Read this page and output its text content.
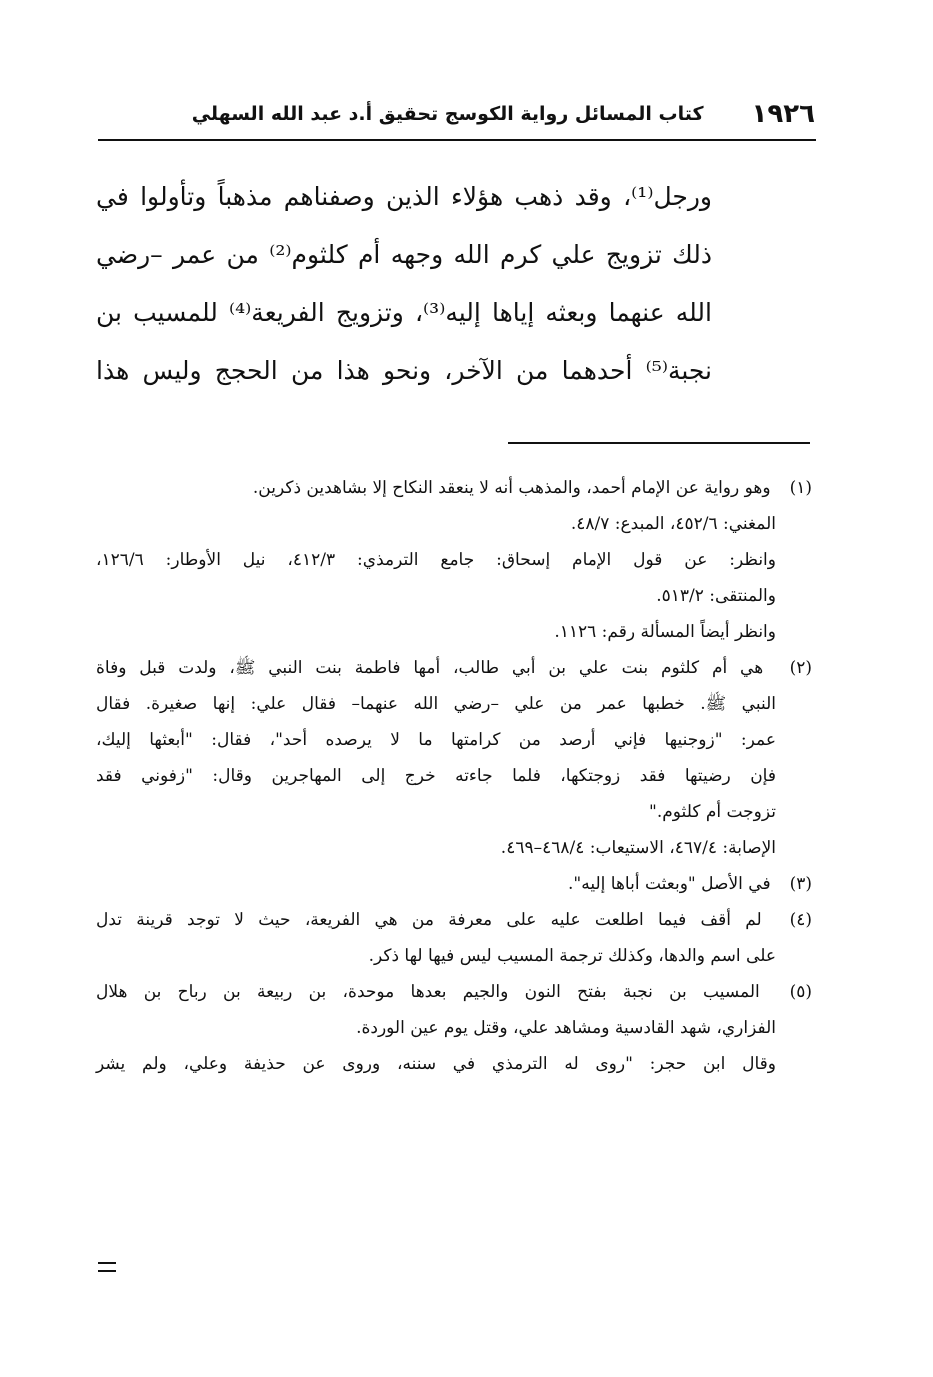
١٩٢٦
كتاب المسائل رواية الكوسج تحقيق أ.د عبد الله السهلي
ورجل⁽¹⁾، وقد ذهب هؤلاء الذين وصفناهم مذهباً وتأولوا في
ذلك تزويج علي كرم الله وجهه أم كلثوم⁽²⁾ من عمر –رضي
الله عنهما وبعثه إياها إليه⁽³⁾، وتزويج الفريعة⁽⁴⁾ للمسيب بن
نجبة⁽⁵⁾ أحدهما من الآخر، ونحو هذا من الحجج وليس هذا
(١) وهو رواية عن الإمام أحمد، والمذهب أنه لا ينعقد النكاح إلا بشاهدين ذكرين.
المغني: ٤٥٢/٦، المبدع: ٤٨/٧.
وانظر: عن قول الإمام إسحاق: جامع الترمذي: ٤١٢/٣، نيل الأوطار: ١٢٦/٦،
والمنتقى: ٥١٣/٢.
وانظر أيضاً المسألة رقم: ١١٢٦.
(٢) هي أم كلثوم بنت علي بن أبي طالب، أمها فاطمة بنت النبي ﷺ، ولدت قبل وفاة
النبي ﷺ. خطبها عمر من علي –رضي الله عنهما– فقال علي: إنها صغيرة. فقال
عمر: "زوجنيها فإني أرصد من كرامتها ما لا يرصده أحد"، فقال: "أبعثها إليك،
فإن رضيتها فقد زوجتكها، فلما جاءته خرج إلى المهاجرين وقال: "زفوني فقد
تزوجت أم كلثوم."
الإصابة: ٤٦٧/٤، الاستيعاب: ٤٦٨/٤–٤٦٩.
(٣) في الأصل "وبعثت أباها إليه".
(٤) لم أقف فيما اطلعت عليه على معرفة من هي الفريعة، حيث لا توجد قرينة تدل
على اسم والدها، وكذلك ترجمة المسيب ليس فيها لها ذكر.
(٥) المسيب بن نجبة بفتح النون والجيم بعدها موحدة، بن ربيعة بن رباح بن هلال
الفزاري، شهد القادسية ومشاهد علي، وقتل يوم عين الوردة.
وقال ابن حجر: "روى له الترمذي في سننه، وروى عن حذيفة وعلي، ولم يشر
